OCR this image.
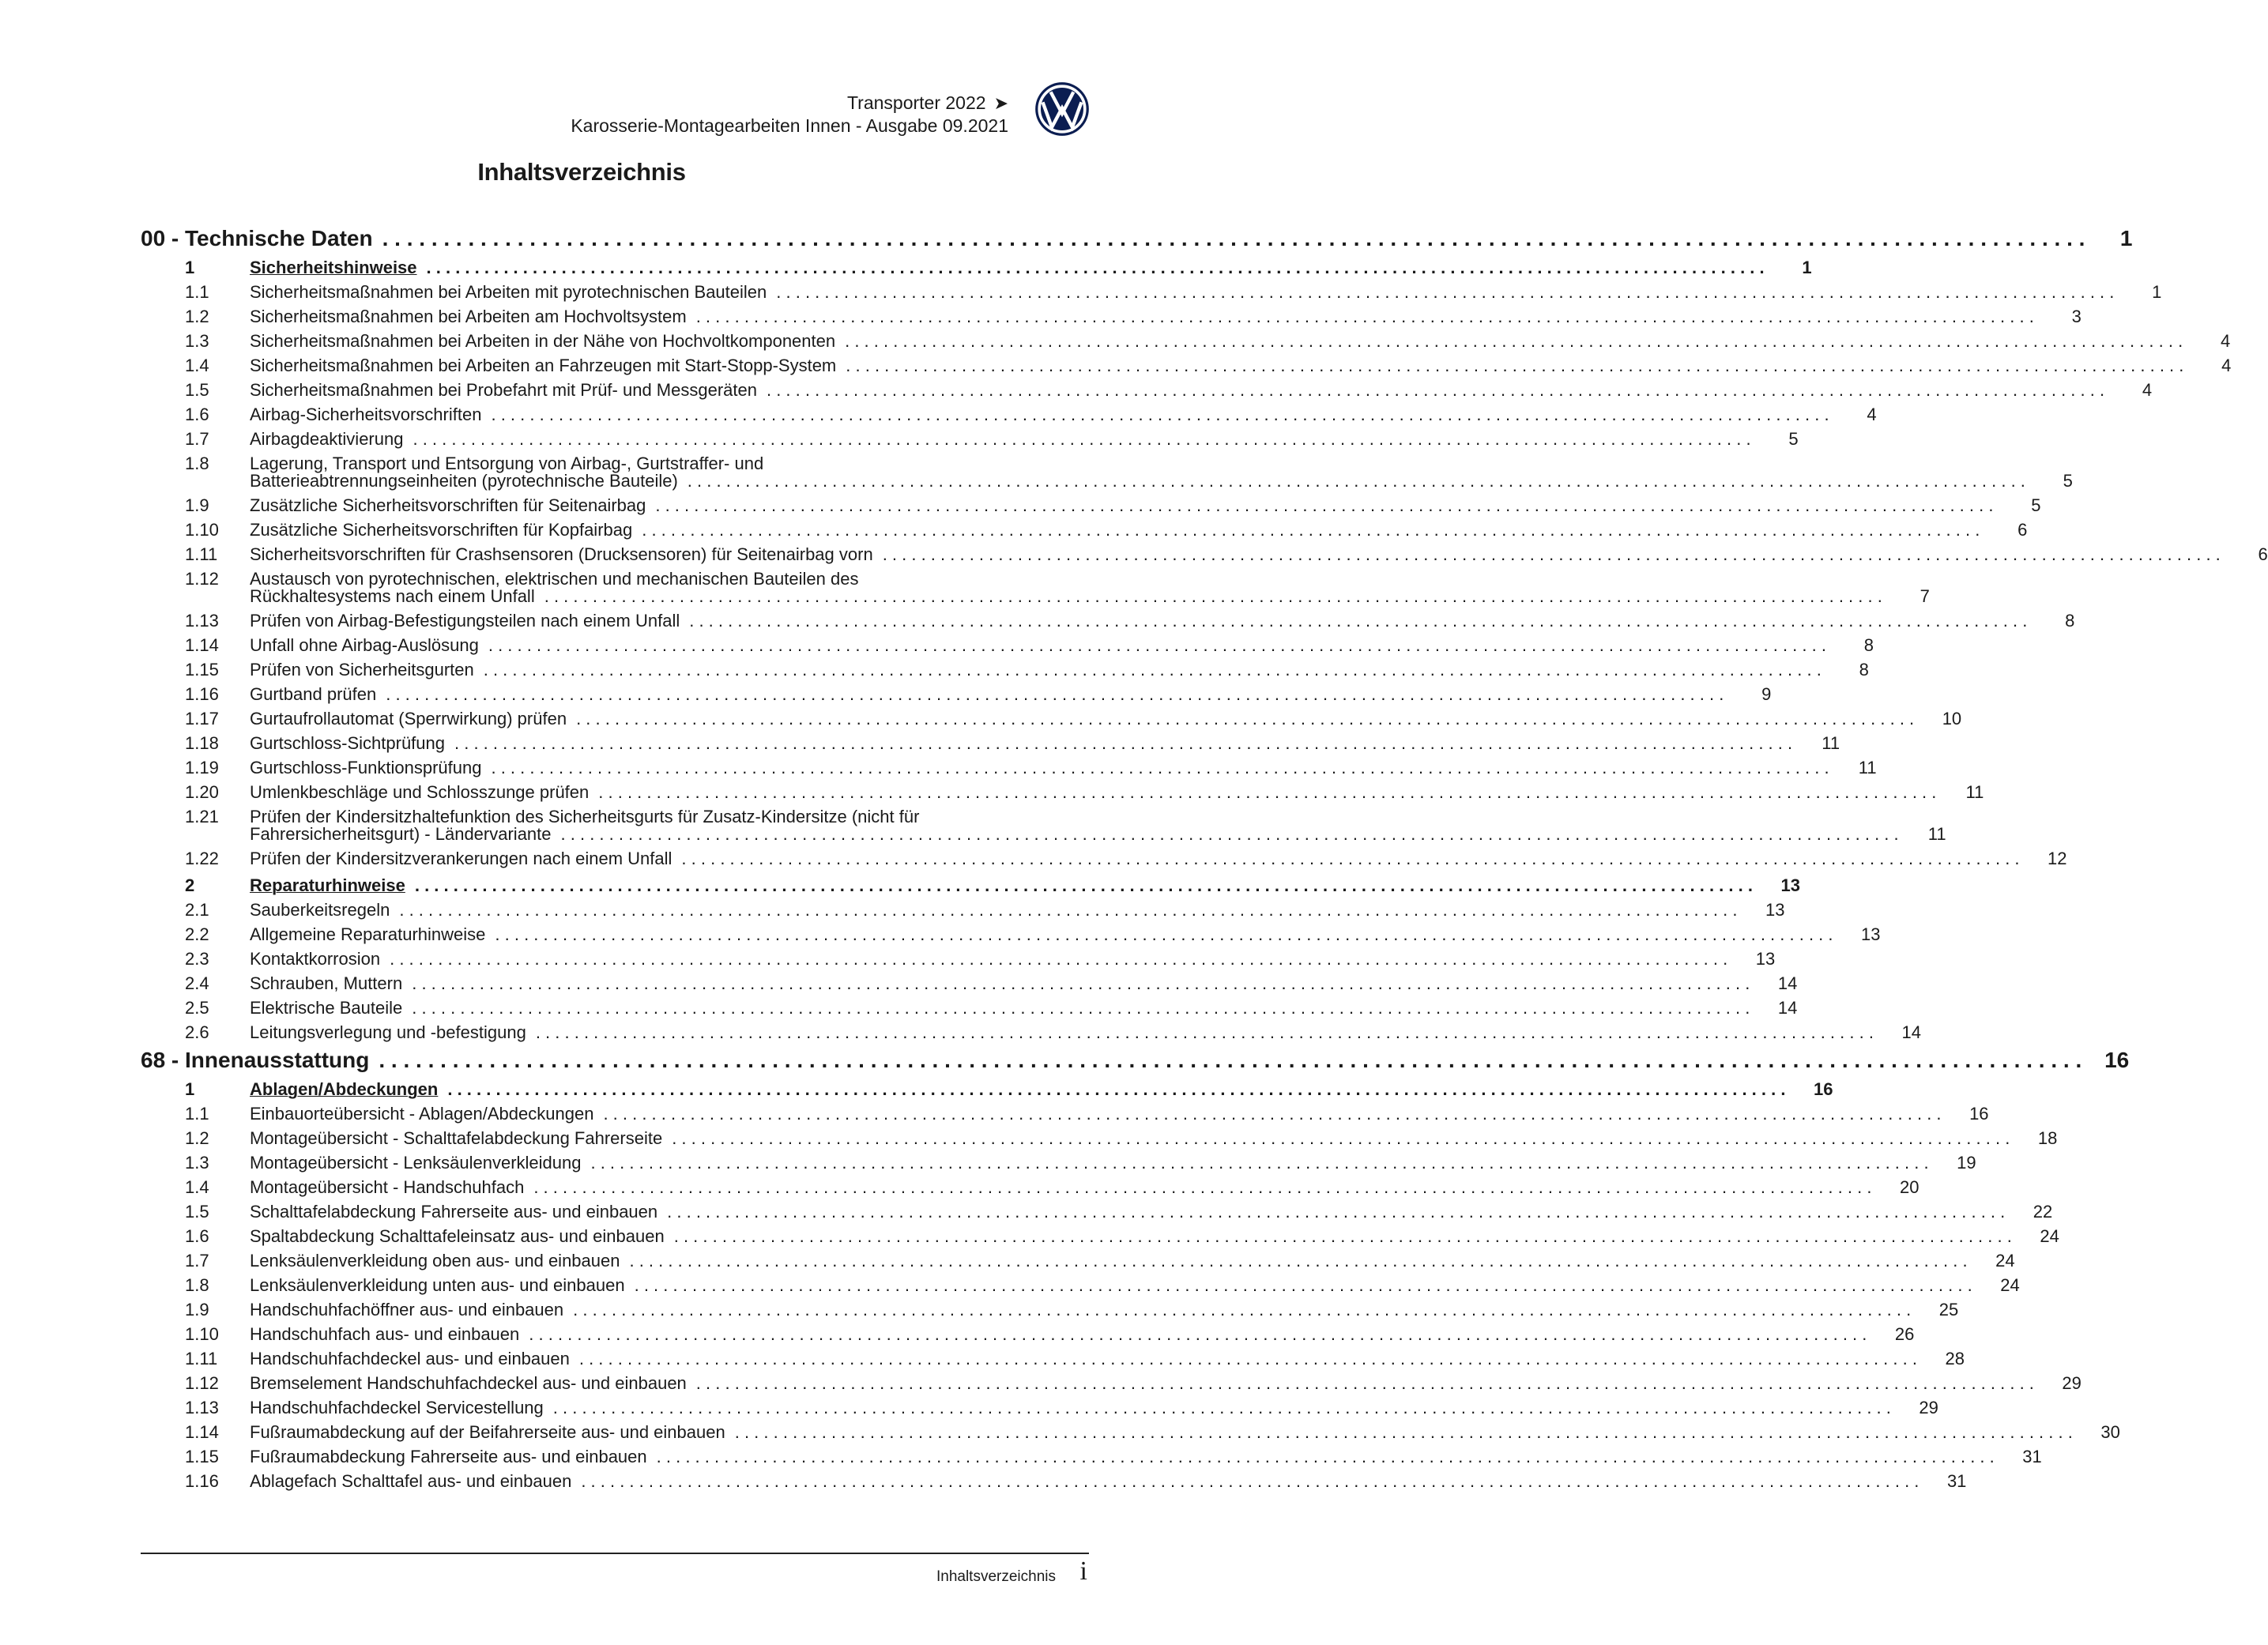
Transporter 2022 ➤
Karosserie-Montagearbeiten Innen - Ausgabe 09.2021
Inhaltsverzeichnis
00 - Technische Daten . . .	1
1	Sicherheitshinweise . . .	1
1.1	Sicherheitsmaßnahmen bei Arbeiten mit pyrotechnischen Bauteilen . . .	1
1.2	Sicherheitsmaßnahmen bei Arbeiten am Hochvoltsystem . . .	3
1.3	Sicherheitsmaßnahmen bei Arbeiten in der Nähe von Hochvoltkomponenten . . .	4
1.4	Sicherheitsmaßnahmen bei Arbeiten an Fahrzeugen mit Start-Stopp-System . . .	4
1.5	Sicherheitsmaßnahmen bei Probefahrt mit Prüf- und Messgeräten . . .	4
1.6	Airbag-Sicherheitsvorschriften . . .	4
1.7	Airbagdeaktivierung . . .	5
1.8	Lagerung, Transport und Entsorgung von Airbag-, Gurtstraffer- und
Batterieabtrennungseinheiten (pyrotechnische Bauteile) . . .	5
1.9	Zusätzliche Sicherheitsvorschriften für Seitenairbag . . .	5
1.10	Zusätzliche Sicherheitsvorschriften für Kopfairbag . . .	6
1.11	Sicherheitsvorschriften für Crashsensoren (Drucksensoren) für Seitenairbag vorn . . .	6
1.12	Austausch von pyrotechnischen, elektrischen und mechanischen Bauteilen des
Rückhaltesystems nach einem Unfall . . .	7
1.13	Prüfen von Airbag-Befestigungsteilen nach einem Unfall . . .	8
1.14	Unfall ohne Airbag-Auslösung . . .	8
1.15	Prüfen von Sicherheitsgurten . . .	8
1.16	Gurtband prüfen . . .	9
1.17	Gurtaufrollautomat (Sperrwirkung) prüfen . . .	10
1.18	Gurtschloss-Sichtprüfung . . .	11
1.19	Gurtschloss-Funktionsprüfung . . .	11
1.20	Umlenkbeschläge und Schlosszunge prüfen . . .	11
1.21	Prüfen der Kindersitzhaltefunktion des Sicherheitsgurts für Zusatz-Kindersitze (nicht für
Fahrersicherheitsgurt) - Ländervariante . . .	11
1.22	Prüfen der Kindersitzverankerungen nach einem Unfall . . .	12
2	Reparaturhinweise . . .	13
2.1	Sauberkeitsregeln . . .	13
2.2	Allgemeine Reparaturhinweise . . .	13
2.3	Kontaktkorrosion . . .	13
2.4	Schrauben, Muttern . . .	14
2.5	Elektrische Bauteile . . .	14
2.6	Leitungsverlegung und -befestigung . . .	14
68 - Innenausstattung . . .	16
1	Ablagen/Abdeckungen . . .	16
1.1	Einbauorteübersicht - Ablagen/Abdeckungen . . .	16
1.2	Montageübersicht - Schalttafelabdeckung Fahrerseite . . .	18
1.3	Montageübersicht - Lenksäulenverkleidung . . .	19
1.4	Montageübersicht - Handschuhfach . . .	20
1.5	Schalttafelabdeckung Fahrerseite aus- und einbauen . . .	22
1.6	Spaltabdeckung Schalttafeleinsatz aus- und einbauen . . .	24
1.7	Lenksäulenverkleidung oben aus- und einbauen . . .	24
1.8	Lenksäulenverkleidung unten aus- und einbauen . . .	24
1.9	Handschuhfachöffner aus- und einbauen . . .	25
1.10	Handschuhfach aus- und einbauen . . .	26
1.11	Handschuhfachdeckel aus- und einbauen . . .	28
1.12	Bremselement Handschuhfachdeckel aus- und einbauen . . .	29
1.13	Handschuhfachdeckel Servicestellung . . .	29
1.14	Fußraumabdeckung auf der Beifahrerseite aus- und einbauen . . .	30
1.15	Fußraumabdeckung Fahrerseite aus- und einbauen . . .	31
1.16	Ablagefach Schalttafel aus- und einbauen . . .	31
Inhaltsverzeichnis i
